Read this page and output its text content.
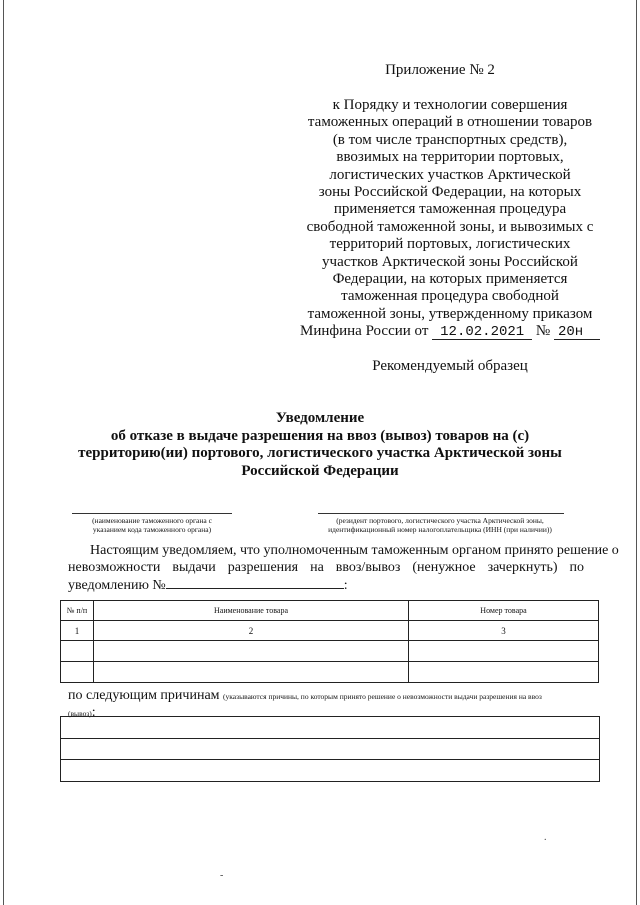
Приложение № 2
к Порядку и технологии совершения
таможенных операций в отношении товаров
(в том числе транспортных средств),
ввозимых на территории портовых,
логистических участков Арктической
зоны Российской Федерации, на которых
применяется таможенная процедура
свободной таможенной зоны, и вывозимых с
территорий портовых, логистических
участков Арктической зоны Российской
Федерации, на которых применяется
таможенная процедура свободной
таможенной зоны, утвержденному приказом
Минфина России от 12.02.2021 № 20н
Рекомендуемый образец
Уведомление
об отказе в выдаче разрешения на ввоз (вывоз) товаров на (с)
территорию(ии) портового, логистического участка Арктической зоны
Российской Федерации
(наименование таможенного органа с
указанием кода таможенного органа)
(резидент портового, логистического участка Арктической зоны,
идентификационный номер налогоплательщика (ИНН (при наличии))
Настоящим уведомляем, что уполномоченным таможенным органом принято решение о
невозможности выдачи разрешения на ввоз/вывоз (ненужное зачеркнуть) по
уведомлению №	:
№ п/п	Наименование товара	Номер товара
1	2	3

по следующим причинам (указываются причины, по которым принято решение о невозможности выдачи разрешения на ввоз
(вывоз):
.
-
